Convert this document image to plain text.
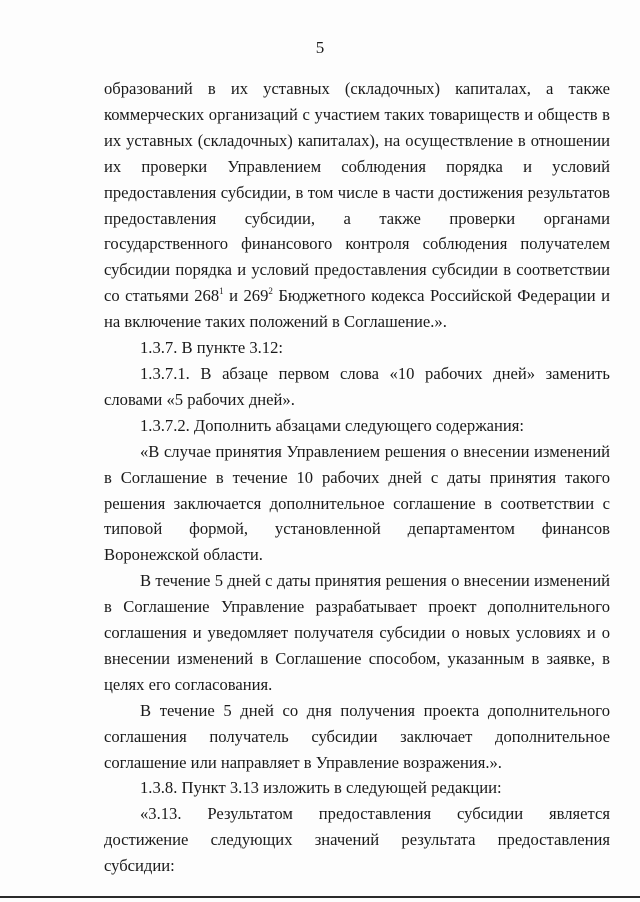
5

образований в их уставных (складочных) капиталах, а также коммерческих организаций с участием таких товариществ и обществ в их уставных (складочных) капиталах), на осуществление в отношении их проверки Управлением соблюдения порядка и условий предоставления субсидии, в том числе в части достижения результатов предоставления субсидии, а также проверки органами государственного финансового контроля соблюдения получателем субсидии порядка и условий предоставления субсидии в соответствии со статьями $268^1$ и $269^2$ Бюджетного кодекса Российской Федерации и на включение таких положений в Соглашение.».

1.3.7. В пункте 3.12:

1.3.7.1. В абзаце первом слова «10 рабочих дней» заменить словами «5 рабочих дней».

1.3.7.2. Дополнить абзацами следующего содержания:

«В случае принятия Управлением решения о внесении изменений в Соглашение в течение 10 рабочих дней с даты принятия такого решения заключается дополнительное соглашение в соответствии с типовой формой, установленной департаментом финансов Воронежской области.

В течение 5 дней с даты принятия решения о внесении изменений в Соглашение Управление разрабатывает проект дополнительного соглашения и уведомляет получателя субсидии о новых условиях и о внесении изменений в Соглашение способом, указанным в заявке, в целях его согласования.

В течение 5 дней со дня получения проекта дополнительного соглашения получатель субсидии заключает дополнительное соглашение или направляет в Управление возражения.».

1.3.8. Пункт 3.13 изложить в следующей редакции:

«3.13. Результатом предоставления субсидии является достижение следующих значений результата предоставления субсидии:
